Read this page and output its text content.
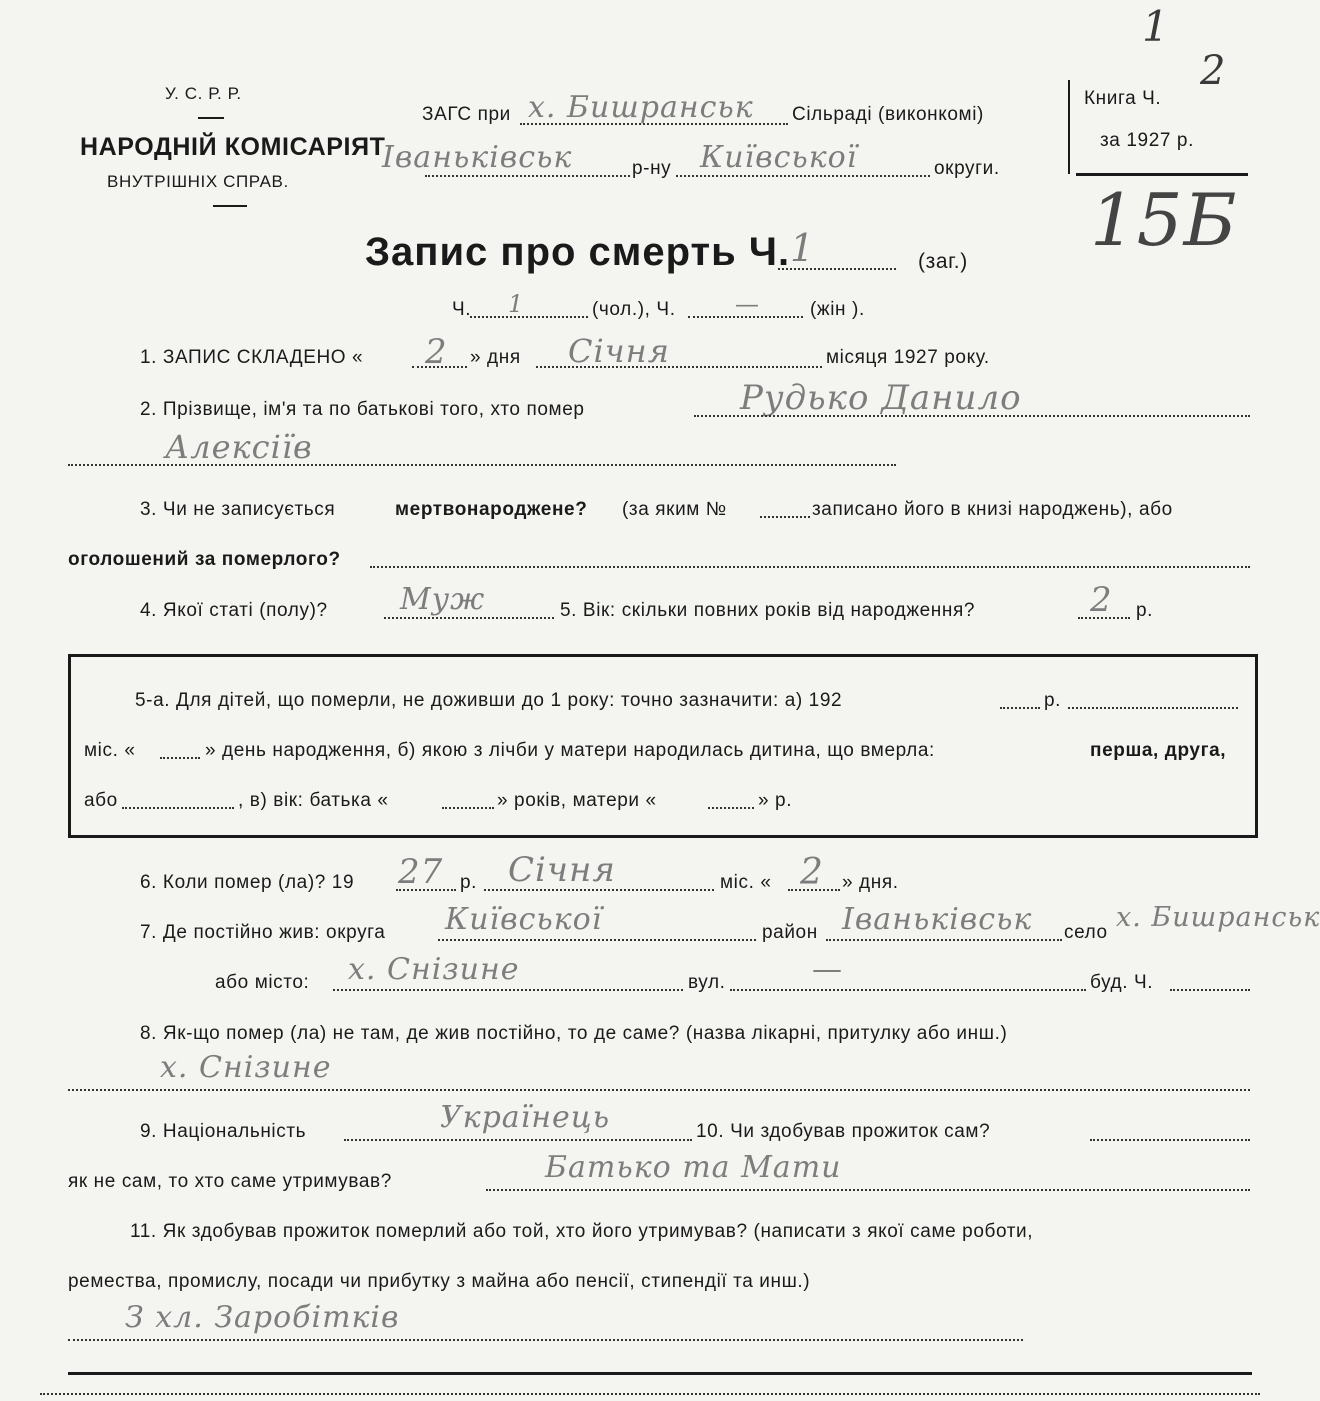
У. С. Р. Р.
НАРОДНІЙ КОМІСАРІЯТ
ВНУТРІШНІХ СПРАВ.
ЗАГС при х. Бишранськ Сільраді (виконкомі)
Іваньківськ	Київської
р-ну	округи.
Книга Ч.
2
за 1927 р.
1
15Б
Запис про смерть Ч. 1	(заг.)
Ч. 1	(чол.), Ч. —	(жін ).
1. ЗАПИС СКЛАДЕНО « 2 » дня Січня	місяця 1927 року.
2. Прізвище, ім'я та по батькові того, хто помер	Рудько Данило
Алексіїв
3. Чи не записується	мертвонароджене? (за яким №	записано його в книзі народжень), або
оголошений за померлого?
4. Якої статі (полу)? Муж	5. Вік: скільки повних років від народження?	2 р.
5-а. Для дітей, що померли, не доживши до 1 року: точно зазначити: а) 192	р.
міс. «	» день народження, б) якою з лічби у матери народилась дитина, що вмерла:	перша, друга,
або	, в) вік: батька «	» років, матери «	» р.
6. Коли помер (ла)? 19 27 р. Січня	міс. « 2 » дня.
7. Де постійно жив: округа Київської	район Іваньківськ село х. Бишранськ
або місто: х. Снізине	вул.	—	буд. Ч.
8. Як-що помер (ла) не там, де жив постійно, то де саме? (назва лікарні, притулку або инш.)
х. Снізине
9. Національність	Українець	10. Чи здобував прожиток сам?
як не сам, то хто саме утримував?	Батько та Мати
11. Як здобував прожиток померлий або той, хто його утримував? (написати з якої саме роботи,
ремества, промислу, посади чи прибутку з майна або пенсії, стипендії та инш.)
З хл. Заробітків
